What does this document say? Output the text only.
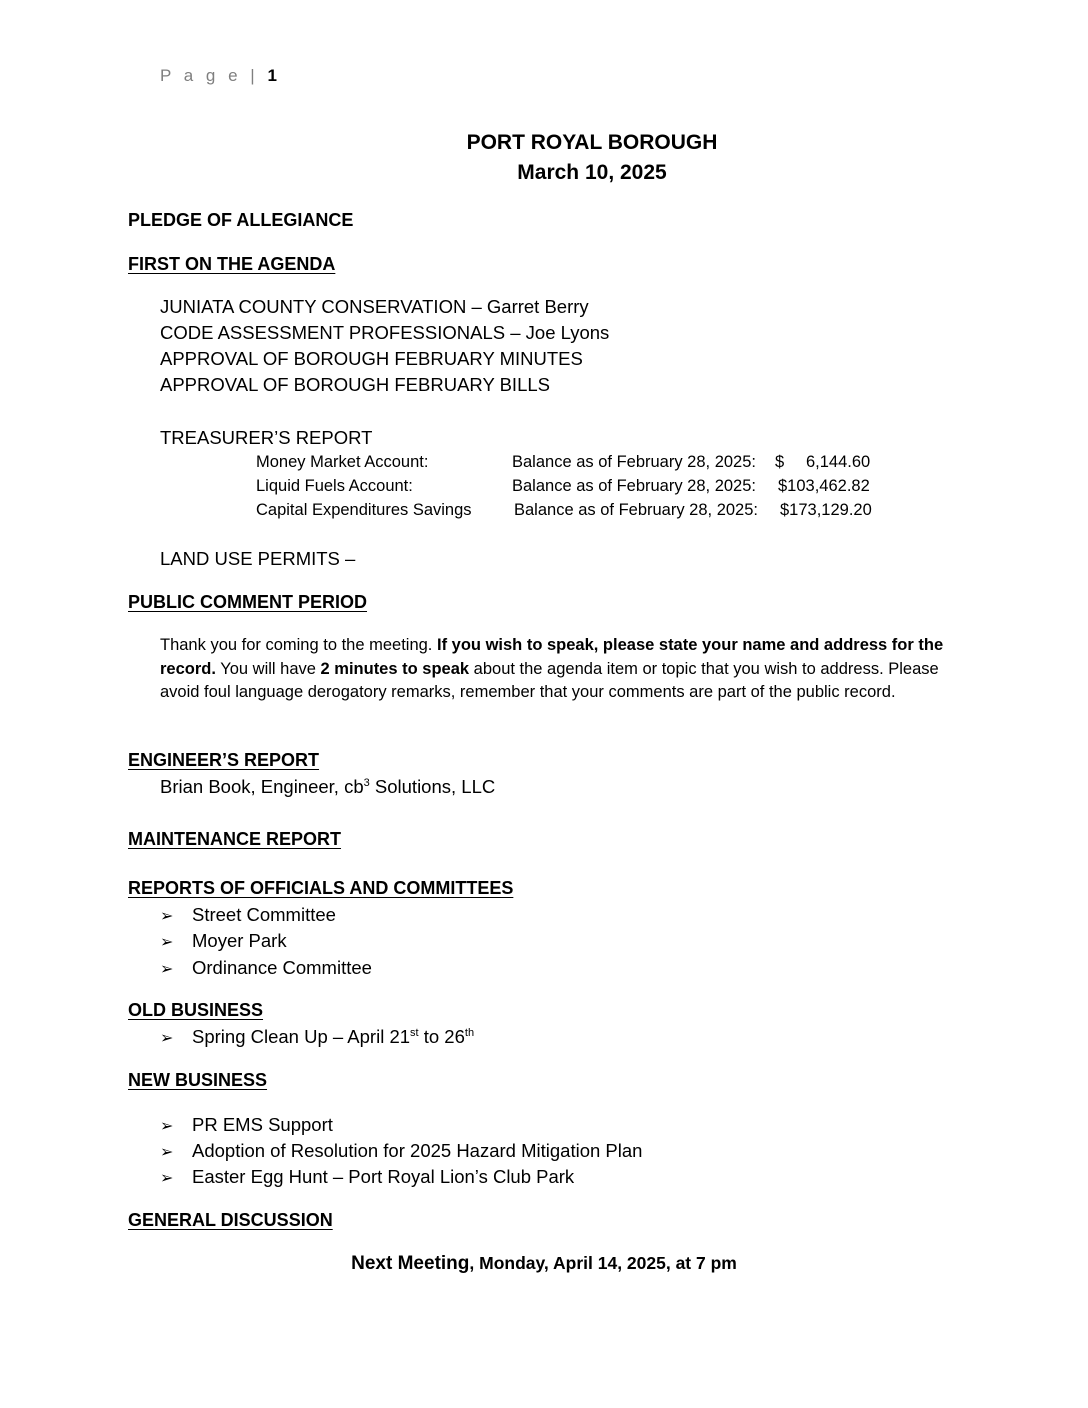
P a g e | 1
PORT ROYAL BOROUGH
March 10, 2025
PLEDGE OF ALLEGIANCE
FIRST ON THE AGENDA
JUNIATA COUNTY CONSERVATION – Garret Berry
CODE ASSESSMENT PROFESSIONALS – Joe Lyons
APPROVAL OF BOROUGH FEBRUARY MINUTES
APPROVAL OF BOROUGH FEBRUARY BILLS
TREASURER’S REPORT
Money Market Account:	Balance as of February 28, 2025: $ 6,144.60
Liquid Fuels Account:	Balance as of February 28, 2025: $103,462.82
Capital Expenditures Savings	Balance as of February 28, 2025: $173,129.20
LAND USE PERMITS –
PUBLIC COMMENT PERIOD
Thank you for coming to the meeting. If you wish to speak, please state your name and address for the record. You will have 2 minutes to speak about the agenda item or topic that you wish to address. Please avoid foul language derogatory remarks, remember that your comments are part of the public record.
ENGINEER’S REPORT
Brian Book, Engineer, $cb^3$ Solutions, LLC
MAINTENANCE REPORT
REPORTS OF OFFICIALS AND COMMITTEES
➢ Street Committee
➢ Moyer Park
➢ Ordinance Committee
OLD BUSINESS
➢ Spring Clean Up – April 21st to 26th
NEW BUSINESS
➢ PR EMS Support
➢ Adoption of Resolution for 2025 Hazard Mitigation Plan
➢ Easter Egg Hunt – Port Royal Lion’s Club Park
GENERAL DISCUSSION
Next Meeting, Monday, April 14, 2025, at 7 pm
